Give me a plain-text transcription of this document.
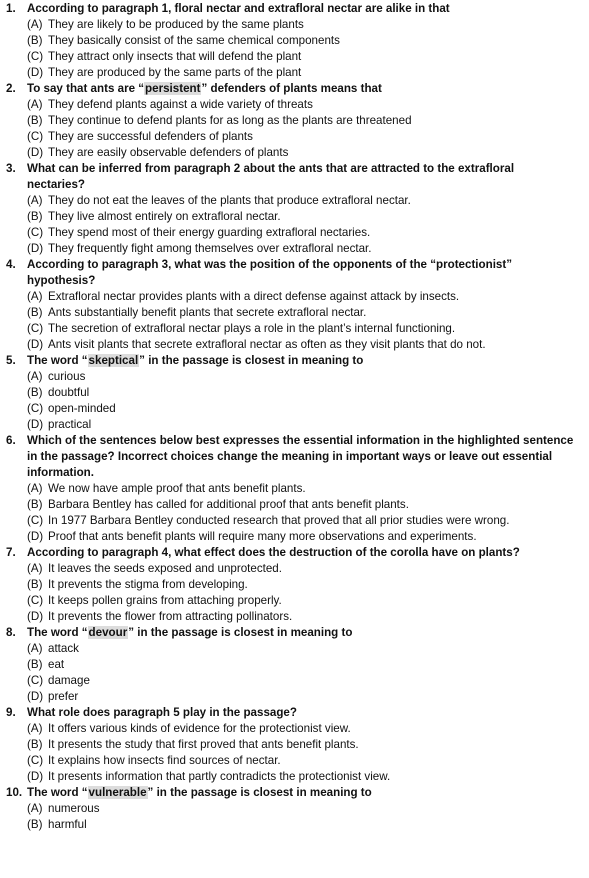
1. According to paragraph 1, floral nectar and extrafloral nectar are alike in that
(A) They are likely to be produced by the same plants
(B) They basically consist of the same chemical components
(C) They attract only insects that will defend the plant
(D) They are produced by the same parts of the plant
2. To say that ants are “persistent” defenders of plants means that
(A) They defend plants against a wide variety of threats
(B) They continue to defend plants for as long as the plants are threatened
(C) They are successful defenders of plants
(D) They are easily observable defenders of plants
3. What can be inferred from paragraph 2 about the ants that are attracted to the extrafloral
nectaries?
(A) They do not eat the leaves of the plants that produce extrafloral nectar.
(B) They live almost entirely on extrafloral nectar.
(C) They spend most of their energy guarding extrafloral nectaries.
(D) They frequently fight among themselves over extrafloral nectar.
4. According to paragraph 3, what was the position of the opponents of the “protectionist”
hypothesis?
(A) Extrafloral nectar provides plants with a direct defense against attack by insects.
(B) Ants substantially benefit plants that secrete extrafloral nectar.
(C) The secretion of extrafloral nectar plays a role in the plant’s internal functioning.
(D) Ants visit plants that secrete extrafloral nectar as often as they visit plants that do not.
5. The word “skeptical” in the passage is closest in meaning to
(A) curious
(B) doubtful
(C) open-minded
(D) practical
6. Which of the sentences below best expresses the essential information in the highlighted sentence
in the passage? Incorrect choices change the meaning in important ways or leave out essential
information.
(A) We now have ample proof that ants benefit plants.
(B) Barbara Bentley has called for additional proof that ants benefit plants.
(C) In 1977 Barbara Bentley conducted research that proved that all prior studies were wrong.
(D) Proof that ants benefit plants will require many more observations and experiments.
7. According to paragraph 4, what effect does the destruction of the corolla have on plants?
(A) It leaves the seeds exposed and unprotected.
(B) It prevents the stigma from developing.
(C) It keeps pollen grains from attaching properly.
(D) It prevents the flower from attracting pollinators.
8. The word “devour” in the passage is closest in meaning to
(A) attack
(B) eat
(C) damage
(D) prefer
9. What role does paragraph 5 play in the passage?
(A) It offers various kinds of evidence for the protectionist view.
(B) It presents the study that first proved that ants benefit plants.
(C) It explains how insects find sources of nectar.
(D) It presents information that partly contradicts the protectionist view.
10. The word “vulnerable” in the passage is closest in meaning to
(A) numerous
(B) harmful
